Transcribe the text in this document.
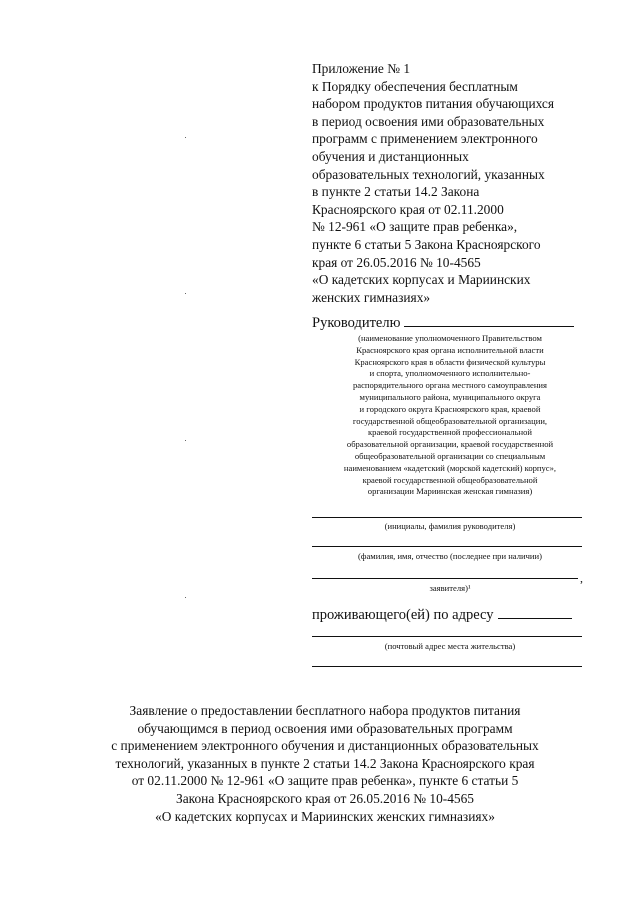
Приложение № 1
к Порядку обеспечения бесплатным
набором продуктов питания обучающихся
в период освоения ими образовательных
программ с применением электронного
обучения и дистанционных
образовательных технологий, указанных
в пункте 2 статьи 14.2 Закона
Красноярского края от 02.11.2000
№ 12-961 «О защите прав ребенка»,
пункте 6 статьи 5 Закона Красноярского
края от 26.05.2016 № 10-4565
«О кадетских корпусах и Мариинских
женских гимназиях»
Руководителю
(наименование уполномоченного Правительством
Красноярского края органа исполнительной власти
Красноярского края в области физической культуры
и спорта, уполномоченного исполнительно-
распорядительного органа местного самоуправления
муниципального района, муниципального округа
и городского округа Красноярского края, краевой
государственной общеобразовательной организации,
краевой государственной профессиональной
образовательной организации, краевой государственной
общеобразовательной организации со специальным
наименованием «кадетский (морской кадетский) корпус»,
краевой государственной общеобразовательной
организации Мариинская женская гимназия)
(инициалы, фамилия руководителя)
(фамилия, имя, отчество (последнее при наличии)
,
заявителя)¹
проживающего(ей) по адресу
(почтовый адрес места жительства)
Заявление о предоставлении бесплатного набора продуктов питания
обучающимся в период освоения ими образовательных программ
с применением электронного обучения и дистанционных образовательных
технологий, указанных в пункте 2 статьи 14.2 Закона Красноярского края
от 02.11.2000 № 12-961 «О защите прав ребенка», пункте 6 статьи 5
Закона Красноярского края от 26.05.2016 № 10-4565
«О кадетских корпусах и Мариинских женских гимназиях»
